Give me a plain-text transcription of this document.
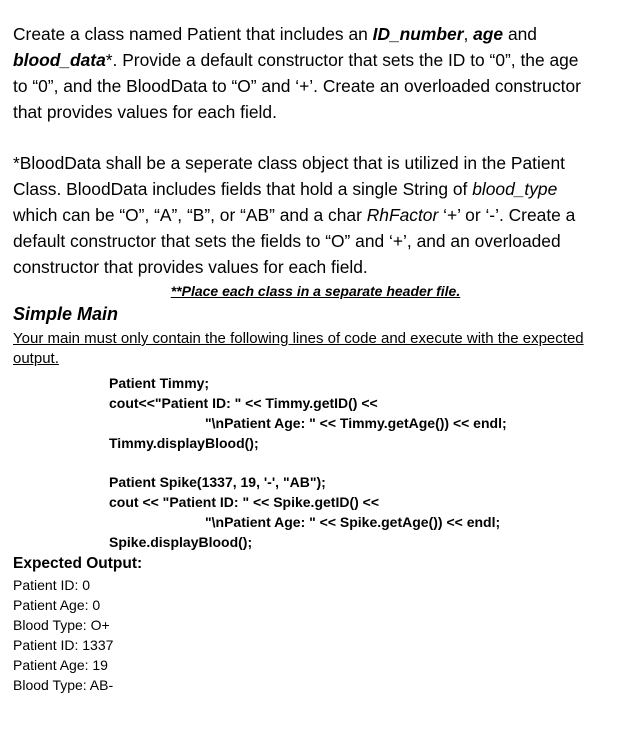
Create a class named Patient that includes an ID_number, age and
blood_data*. Provide a default constructor that sets the ID to “0”, the age
to “0”, and the BloodData to “O” and ‘+’. Create an overloaded constructor
that provides values for each field.
*BloodData shall be a seperate class object that is utilized in the Patient
Class. BloodData includes fields that hold a single String of blood_type
which can be “O”, “A”, “B”, or “AB” and a char RhFactor ‘+’ or ‘-’. Create a
default constructor that sets the fields to “O” and ‘+’, and an overloaded
constructor that provides values for each field.
**Place each class in a separate header file.
Simple Main
Your main must only contain the following lines of code and execute with the expected
output.
Patient Timmy;
cout<<"Patient ID: " << Timmy.getID() <<
"\nPatient Age: " << Timmy.getAge()) << endl;
Timmy.displayBlood();
Patient Spike(1337, 19, '-', "AB");
cout << "Patient ID: " << Spike.getID() <<
"\nPatient Age: " << Spike.getAge()) << endl;
Spike.displayBlood();
Expected Output:
Patient ID: 0
Patient Age: 0
Blood Type: O+
Patient ID: 1337
Patient Age: 19
Blood Type: AB-
